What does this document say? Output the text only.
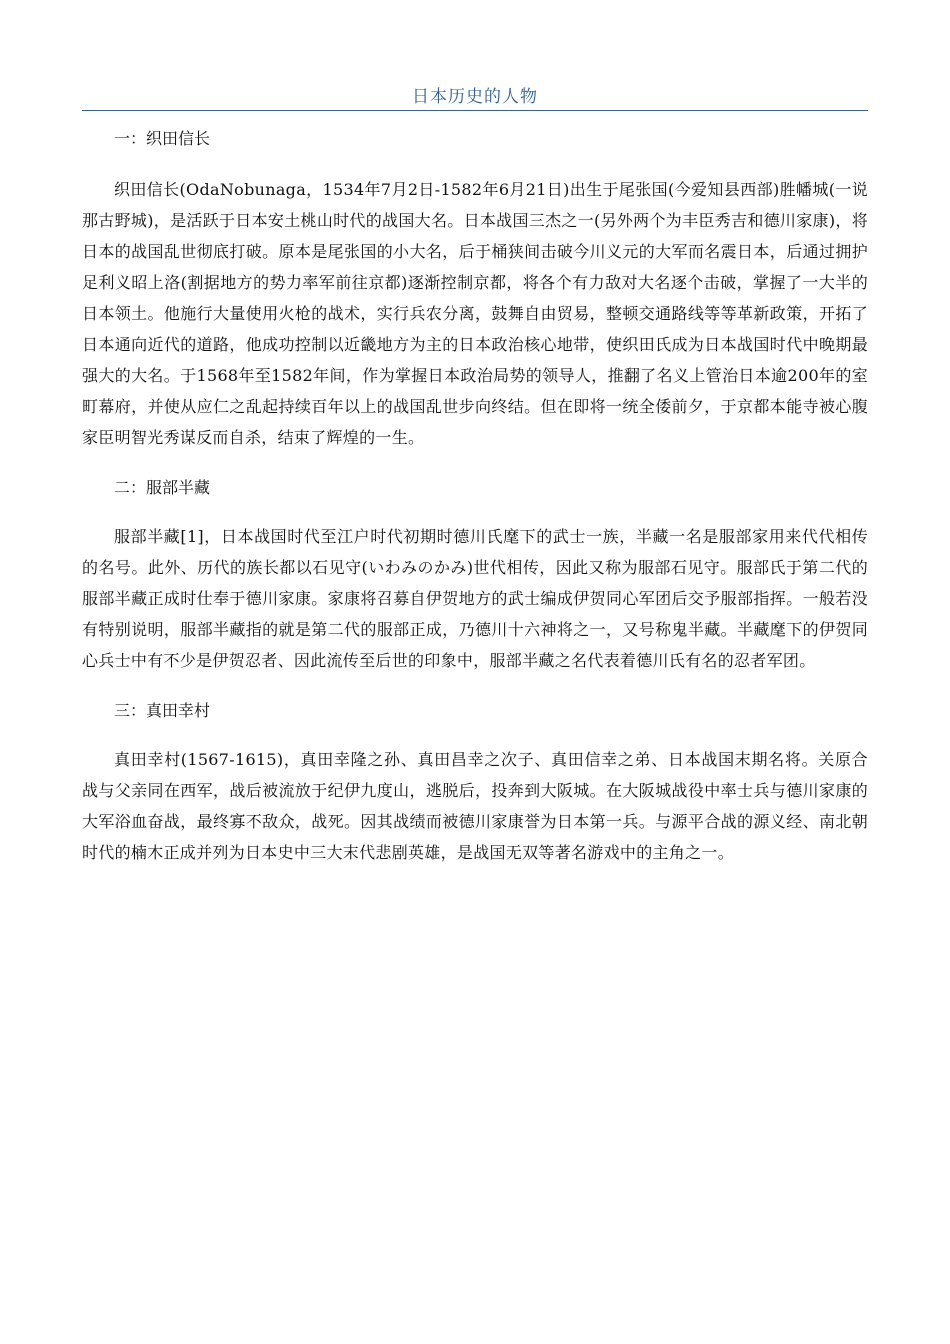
日本历史的人物
一：织田信长

织田信长(OdaNobunaga，1534年7月2日-1582年6月21日)出生于尾张国(今爱知县西部)胜幡城(一说那古野城)，是活跃于日本安土桃山时代的战国大名。日本战国三杰之一(另外两个为丰臣秀吉和德川家康)，将日本的战国乱世彻底打破。原本是尾张国的小大名，后于桶狭间击破今川义元的大军而名震日本，后通过拥护足利义昭上洛(割据地方的势力率军前往京都)逐渐控制京都，将各个有力敌对大名逐个击破，掌握了一大半的日本领土。他施行大量使用火枪的战术，实行兵农分离，鼓舞自由贸易，整顿交通路线等等革新政策，开拓了日本通向近代的道路，他成功控制以近畿地方为主的日本政治核心地带，使织田氏成为日本战国时代中晚期最强大的大名。于1568年至1582年间，作为掌握日本政治局势的领导人，推翻了名义上管治日本逾200年的室町幕府，并使从应仁之乱起持续百年以上的战国乱世步向终结。但在即将一统全倭前夕，于京都本能寺被心腹家臣明智光秀谋反而自杀，结束了辉煌的一生。

二：服部半藏

服部半藏[1]，日本战国时代至江户时代初期时德川氏麾下的武士一族，半藏一名是服部家用来代代相传的名号。此外、历代的族长都以石见守(いわみのかみ)世代相传，因此又称为服部石见守。服部氏于第二代的服部半藏正成时仕奉于德川家康。家康将召募自伊贺地方的武士编成伊贺同心军团后交予服部指挥。一般若没有特别说明，服部半藏指的就是第二代的服部正成，乃德川十六神将之一，又号称鬼半藏。半藏麾下的伊贺同心兵士中有不少是伊贺忍者、因此流传至后世的印象中，服部半藏之名代表着德川氏有名的忍者军团。

三：真田幸村

真田幸村(1567-1615)，真田幸隆之孙、真田昌幸之次子、真田信幸之弟、日本战国末期名将。关原合战与父亲同在西军，战后被流放于纪伊九度山，逃脱后，投奔到大阪城。在大阪城战役中率士兵与德川家康的大军浴血奋战，最终寡不敌众，战死。因其战绩而被德川家康誉为日本第一兵。与源平合战的源义经、南北朝时代的楠木正成并列为日本史中三大末代悲剧英雄，是战国无双等著名游戏中的主角之一。
